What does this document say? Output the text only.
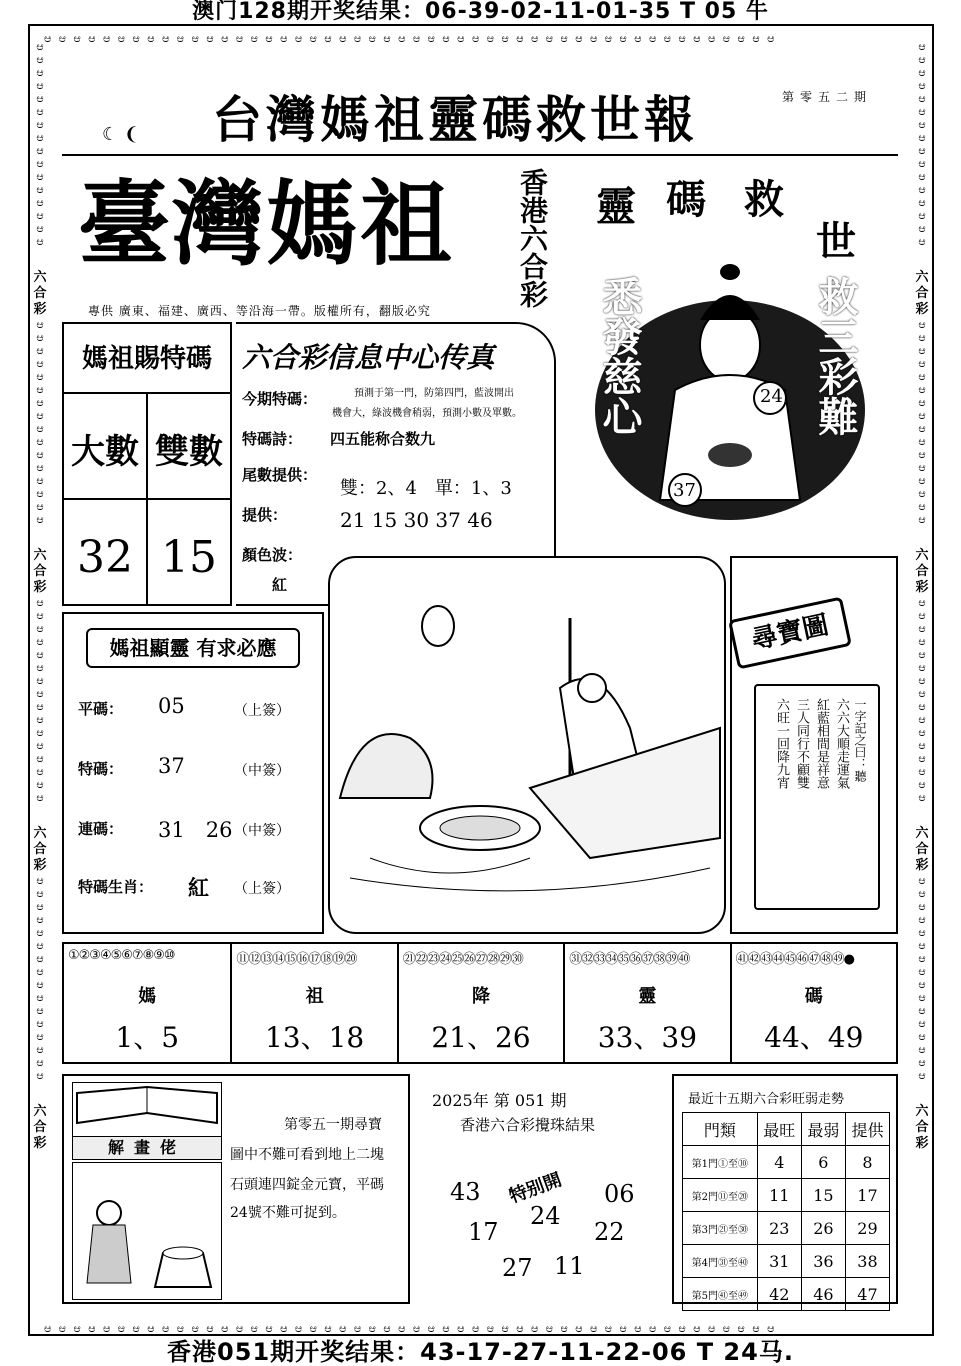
澳门128期开奖结果：06-39-02-11-01-35 T 05 牛
香港051期开奖结果：43-17-27-11-22-06 T 24马.
ಆ ಆ ಆ ಆ ಆ ಆ ಆ ಆ ಆ ಆ ಆ ಆ ಆ ಆ ಆ ಆ ಆ ಆ ಆ ಆ ಆ ಆ ಆ ಆ ಆ ಆ ಆ ಆ ಆ ಆ ಆ ಆ ಆ ಆ ಆ ಆ ಆ ಆ ಆ ಆ ಆ ಆ ಆ ಆ ಆ ಆ ಆ ಆ ಆ ಆ
ಆ ಆ ಆ ಆ ಆ ಆ ಆ ಆ ಆ ಆ ಆ ಆ ಆ ಆ ಆ ಆ ಆ ಆ ಆ ಆ ಆ ಆ ಆ ಆ ಆ ಆ ಆ ಆ ಆ ಆ ಆ ಆ ಆ ಆ ಆ ಆ ಆ ಆ ಆ ಆ ಆ ಆ ಆ ಆ ಆ ಆ ಆ ಆ ಆ ಆ
ಆ
ಆ
ಆ
ಆ
ಆ
ಆ
ಆ
ಆ
ಆ
ಆ
ಆ
ಆ
ಆ
ಆ
ಆ
ಆ
六
合
彩
ಆ
ಆ
ಆ
ಆ
ಆ
ಆ
ಆ
ಆ
ಆ
ಆ
ಆ
ಆ
ಆ
ಆ
ಆ
ಆ
六
合
彩
ಆ
ಆ
ಆ
ಆ
ಆ
ಆ
ಆ
ಆ
ಆ
ಆ
ಆ
ಆ
ಆ
ಆ
ಆ
ಆ
六
合
彩
ಆ
ಆ
ಆ
ಆ
ಆ
ಆ
ಆ
ಆ
ಆ
ಆ
ಆ
ಆ
ಆ
ಆ
ಆ
ಆ
六
合
彩
ಆ
ಆ
ಆ
ಆ
ಆ
ಆ
ಆ
ಆ
ಆ
ಆ
ಆ
ಆ
ಆ
ಆ
ಆ
ಆ
六
合
彩
ಆ
ಆ
ಆ
ಆ
ಆ
ಆ
ಆ
ಆ
ಆ
ಆ
ಆ
ಆ
ಆ
ಆ
ಆ
ಆ
六
合
彩
ಆ
ಆ
ಆ
ಆ
ಆ
ಆ
ಆ
ಆ
ಆ
ಆ
ಆ
ಆ
ಆ
ಆ
ಆ
ಆ
六
合
彩
ಆ
ಆ
ಆ
ಆ
ಆ
ಆ
ಆ
ಆ
ಆ
ಆ
ಆ
ಆ
ಆ
ಆ
ಆ
ಆ
六
合
彩
台灣媽祖靈碼救世報	第零五二期
☾ ❨
臺灣媽祖 香港六合彩
專供 廣東、福建、廣西、等沿海一帶。版權所有，翻版必究
靈 碼 救
世
悉發慈心	救三彩難
24
37
媽祖賜特碼
大數 雙數
32 15
六合彩信息中心传真
今期特碼：	預測于第一門，防第四門，藍波開出
機會大，綠波機會稍弱，預測小數及單數。
特碼詩： 四五能称合数九
尾數提供：
雙：2、4　單：1、3
提供：	21 15 30 37 46
顏色波：
紅
媽祖顯靈 有求必應
平碼： 05	（上簽）
特碼： 37	（中簽）
連碼： 31　26 （中簽）
特碼生肖： 紅 （上簽）
尋寶圖
一字記之曰：聽
六六大順走運氣
紅藍相間是祥意
三人同行不顧雙
六旺一回降九宵
①②③④⑤⑥⑦⑧⑨⑩
媽
1、5
⑪⑫⑬⑭⑮⑯⑰⑱⑲⑳
祖
13、18
㉑㉒㉓㉔㉕㉖㉗㉘㉙㉚
降
21、26
㉛㉜㉝㉞㉟㊱㊲㊳㊴㊵
靈
33、39
㊶㊷㊸㊹㊺㊻㊼㊽㊾●
碼
44、49
解畫佬
第零五一期尋寶
圖中不難可看到地上二塊
石頭連四錠金元寶，平碼
24號不難可捉到。
2025年 第 051 期
香港六合彩攪珠結果
特别開
43	06
17
24
22
27 11
最近十五期六合彩旺弱走勢
門類	最旺	最弱	提供
第1門①至⑩	4	6	8
第2門⑪至⑳	11	15	17
第3門㉑至㉚	23	26	29
第4門㉛至㊵	31	36	38
第5門㊶至㊾	42	46	47
